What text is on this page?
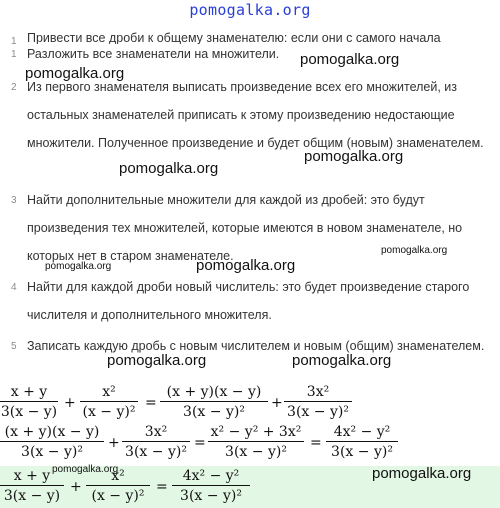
pomogalka.org
1 Привести все дроби к общему знаменателю: если они с самого начала
1 Разложить все знаменатели на множители.
2 Из первого знаменателя выписать произведение всех его множителей, из остальных знаменателей приписать к этому произведению недостающие множители. Полученное произведение и будет общим (новым) знаменателем.
3 Найти дополнительные множители для каждой из дробей: это будут произведения тех множителей, которые имеются в новом знаменателе, но которых нет в старом знаменателе.
4 Найти для каждой дроби новый числитель: это будет произведение старого числителя и дополнительного множителя.
5 Записать каждую дробь с новым числителем и новым (общим) знаменателем.
x + y
3(x − y)
+
x²
(x − y)²
=
(x + y)(x − y)
3(x − y)²
+
3x²
3(x − y)²
(x + y)(x − y)
3(x − y)²
+
3x²
3(x − y)²
=
x² − y² + 3x²
3(x − y)²
=
4x² − y²
3(x − y)²
x + y
3(x − y)
+
x²
(x − y)²
=
4x² − y²
3(x − y)²
pomogalka.org
pomogalka.org
pomogalka.org
pomogalka.org
pomogalka.org
pomogalka.org	pomogalka.org
pomogalka.org	pomogalka.org
pomogalka.org	pomogalka.org
